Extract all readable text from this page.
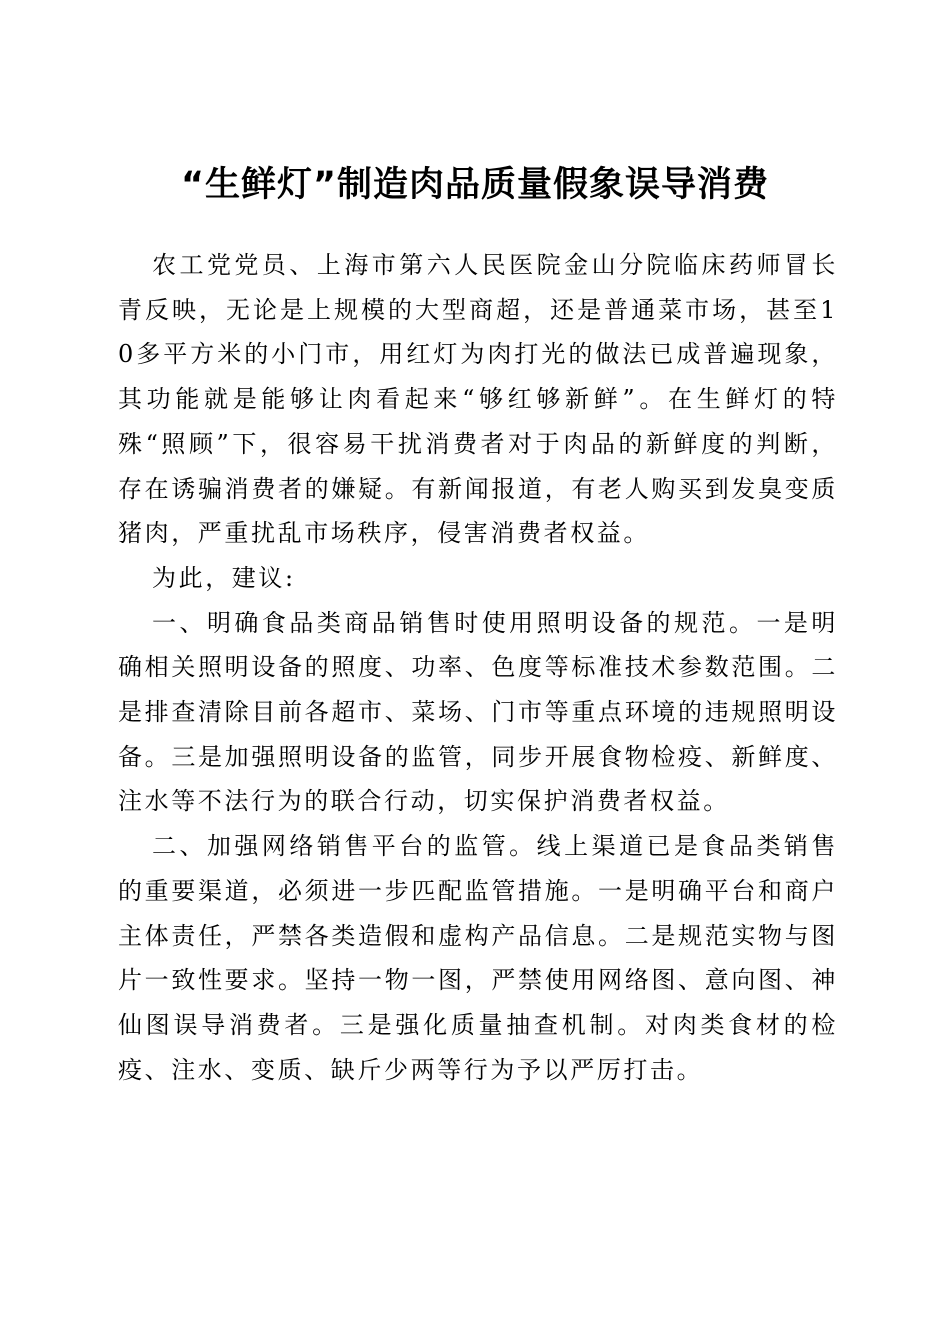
“生鲜灯”制造肉品质量假象误导消费

农工党党员、上海市第六人民医院金山分院临床药师冒长青反映，无论是上规模的大型商超，还是普通菜市场，甚至10多平方米的小门市，用红灯为肉打光的做法已成普遍现象，其功能就是能够让肉看起来“够红够新鲜”。在生鲜灯的特殊“照顾”下，很容易干扰消费者对于肉品的新鲜度的判断，存在诱骗消费者的嫌疑。有新闻报道，有老人购买到发臭变质猪肉，严重扰乱市场秩序，侵害消费者权益。

为此，建议:

一、明确食品类商品销售时使用照明设备的规范。一是明确相关照明设备的照度、功率、色度等标准技术参数范围。二是排查清除目前各超市、菜场、门市等重点环境的违规照明设备。三是加强照明设备的监管，同步开展食物检疫、新鲜度、注水等不法行为的联合行动，切实保护消费者权益。

二、加强网络销售平台的监管。线上渠道已是食品类销售的重要渠道，必须进一步匹配监管措施。一是明确平台和商户主体责任，严禁各类造假和虚构产品信息。二是规范实物与图片一致性要求。坚持一物一图，严禁使用网络图、意向图、神仙图误导消费者。三是强化质量抽查机制。对肉类食材的检疫、注水、变质、缺斤少两等行为予以严厉打击。
